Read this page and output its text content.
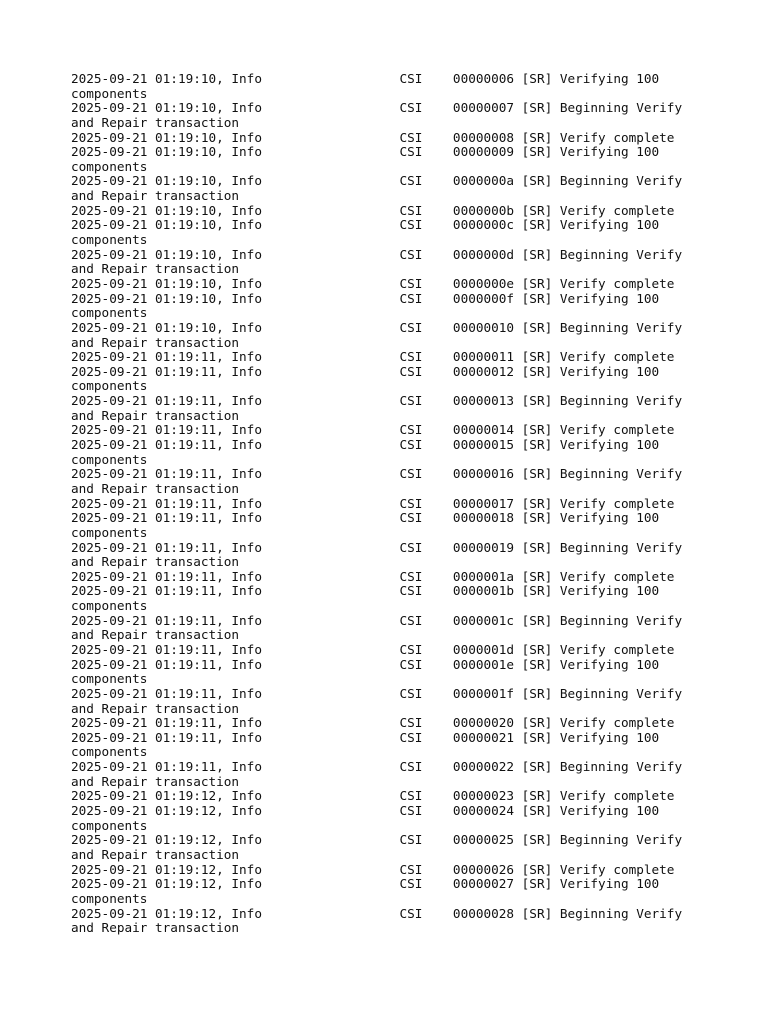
2025-09-21 01:19:10, Info                  CSI    00000006 [SR] Verifying 100
components
2025-09-21 01:19:10, Info                  CSI    00000007 [SR] Beginning Verify
and Repair transaction
2025-09-21 01:19:10, Info                  CSI    00000008 [SR] Verify complete
2025-09-21 01:19:10, Info                  CSI    00000009 [SR] Verifying 100
components
2025-09-21 01:19:10, Info                  CSI    0000000a [SR] Beginning Verify
and Repair transaction
2025-09-21 01:19:10, Info                  CSI    0000000b [SR] Verify complete
2025-09-21 01:19:10, Info                  CSI    0000000c [SR] Verifying 100
components
2025-09-21 01:19:10, Info                  CSI    0000000d [SR] Beginning Verify
and Repair transaction
2025-09-21 01:19:10, Info                  CSI    0000000e [SR] Verify complete
2025-09-21 01:19:10, Info                  CSI    0000000f [SR] Verifying 100
components
2025-09-21 01:19:10, Info                  CSI    00000010 [SR] Beginning Verify
and Repair transaction
2025-09-21 01:19:11, Info                  CSI    00000011 [SR] Verify complete
2025-09-21 01:19:11, Info                  CSI    00000012 [SR] Verifying 100
components
2025-09-21 01:19:11, Info                  CSI    00000013 [SR] Beginning Verify
and Repair transaction
2025-09-21 01:19:11, Info                  CSI    00000014 [SR] Verify complete
2025-09-21 01:19:11, Info                  CSI    00000015 [SR] Verifying 100
components
2025-09-21 01:19:11, Info                  CSI    00000016 [SR] Beginning Verify
and Repair transaction
2025-09-21 01:19:11, Info                  CSI    00000017 [SR] Verify complete
2025-09-21 01:19:11, Info                  CSI    00000018 [SR] Verifying 100
components
2025-09-21 01:19:11, Info                  CSI    00000019 [SR] Beginning Verify
and Repair transaction
2025-09-21 01:19:11, Info                  CSI    0000001a [SR] Verify complete
2025-09-21 01:19:11, Info                  CSI    0000001b [SR] Verifying 100
components
2025-09-21 01:19:11, Info                  CSI    0000001c [SR] Beginning Verify
and Repair transaction
2025-09-21 01:19:11, Info                  CSI    0000001d [SR] Verify complete
2025-09-21 01:19:11, Info                  CSI    0000001e [SR] Verifying 100
components
2025-09-21 01:19:11, Info                  CSI    0000001f [SR] Beginning Verify
and Repair transaction
2025-09-21 01:19:11, Info                  CSI    00000020 [SR] Verify complete
2025-09-21 01:19:11, Info                  CSI    00000021 [SR] Verifying 100
components
2025-09-21 01:19:11, Info                  CSI    00000022 [SR] Beginning Verify
and Repair transaction
2025-09-21 01:19:12, Info                  CSI    00000023 [SR] Verify complete
2025-09-21 01:19:12, Info                  CSI    00000024 [SR] Verifying 100
components
2025-09-21 01:19:12, Info                  CSI    00000025 [SR] Beginning Verify
and Repair transaction
2025-09-21 01:19:12, Info                  CSI    00000026 [SR] Verify complete
2025-09-21 01:19:12, Info                  CSI    00000027 [SR] Verifying 100
components
2025-09-21 01:19:12, Info                  CSI    00000028 [SR] Beginning Verify
and Repair transaction
